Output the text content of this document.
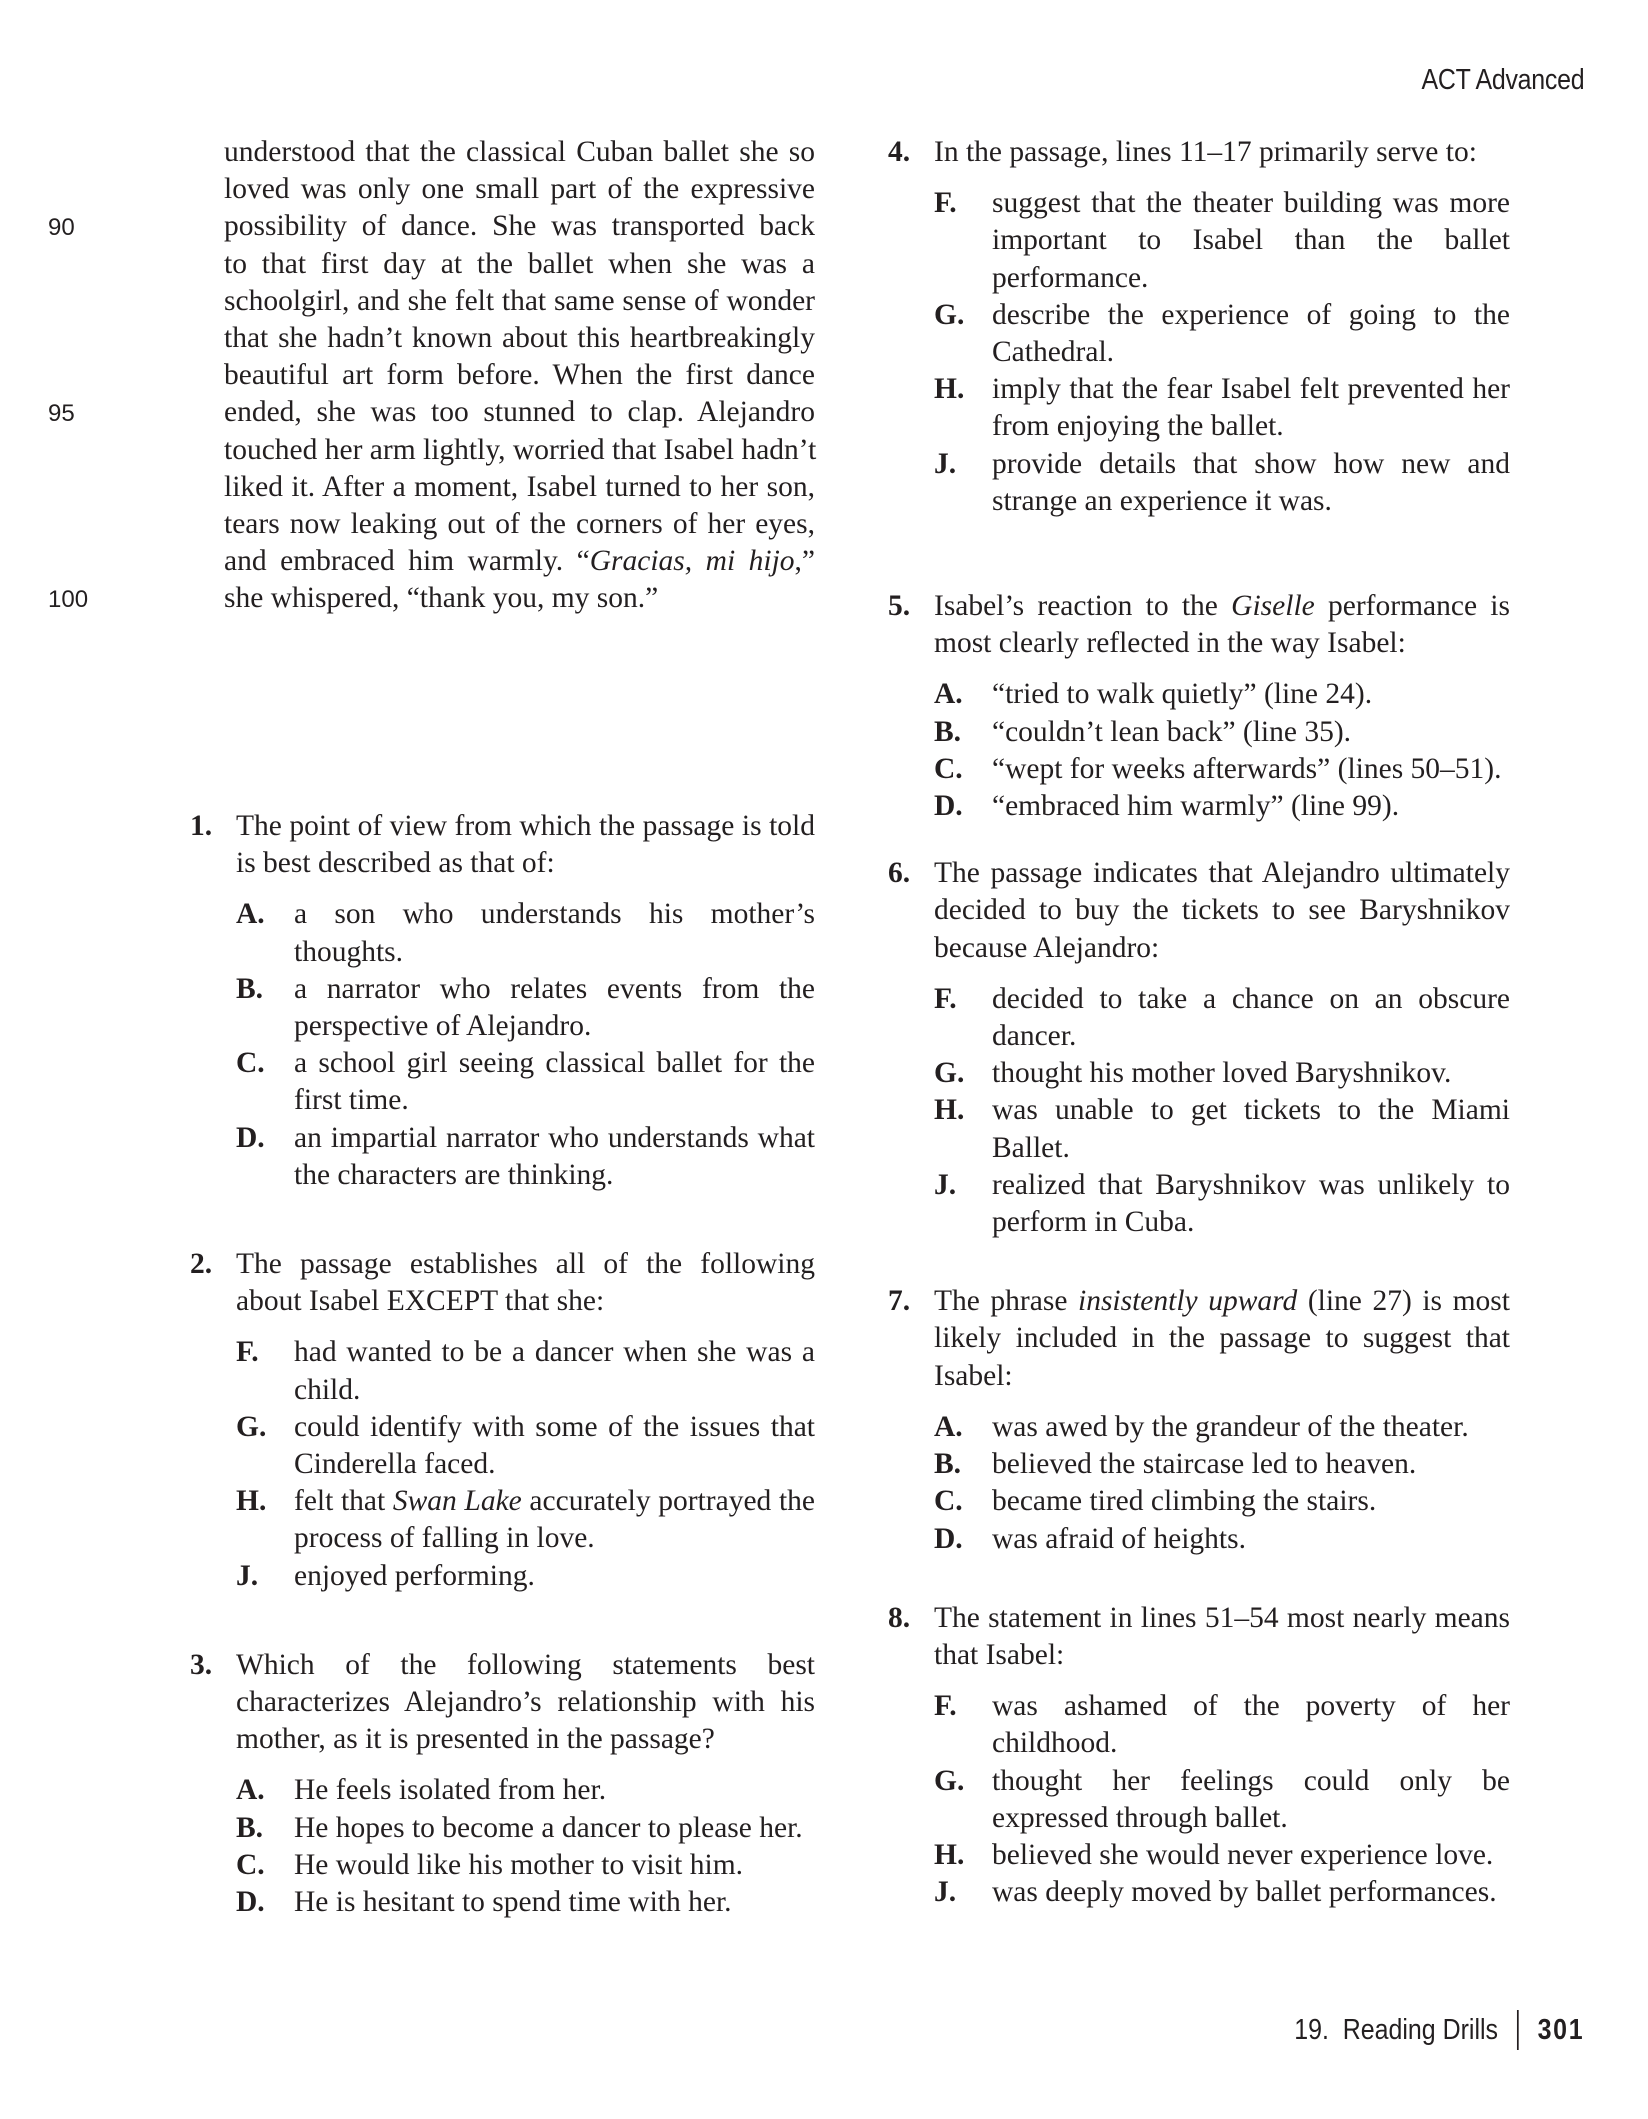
ACT Advanced
understood that the classical Cuban ballet she so
loved was only one small part of the expressive
90	possibility of dance. She was transported back
to that first day at the ballet when she was a
schoolgirl, and she felt that same sense of wonder
that she hadn’t known about this heartbreakingly
beautiful art form before. When the first dance
95	ended, she was too stunned to clap. Alejandro
touched her arm lightly, worried that Isabel hadn’t
liked it. After a moment, Isabel turned to her son,
tears now leaking out of the corners of her eyes,
and embraced him warmly. “Gracias, mi hijo,”
100	she whispered, “thank you, my son.”
1. The point of view from which the passage is told is best described as that of:
A. a son who understands his mother’s thoughts.
B. a narrator who relates events from the perspective of Alejandro.
C. a school girl seeing classical ballet for the first time.
D. an impartial narrator who understands what the characters are thinking.
2. The passage establishes all of the following about Isabel EXCEPT that she:
F. had wanted to be a dancer when she was a child.
G. could identify with some of the issues that Cinderella faced.
H. felt that Swan Lake accurately portrayed the process of falling in love.
J. enjoyed performing.
3. Which of the following statements best characterizes Alejandro’s relationship with his mother, as it is presented in the passage?
A. He feels isolated from her.
B. He hopes to become a dancer to please her.
C. He would like his mother to visit him.
D. He is hesitant to spend time with her.
4. In the passage, lines 11–17 primarily serve to:
F. suggest that the theater building was more important to Isabel than the ballet performance.
G. describe the experience of going to the Cathedral.
H. imply that the fear Isabel felt prevented her from enjoying the ballet.
J. provide details that show how new and strange an experience it was.
5. Isabel’s reaction to the Giselle performance is most clearly reflected in the way Isabel:
A. “tried to walk quietly” (line 24).
B. “couldn’t lean back” (line 35).
C. “wept for weeks afterwards” (lines 50–51).
D. “embraced him warmly” (line 99).
6. The passage indicates that Alejandro ultimately decided to buy the tickets to see Baryshnikov because Alejandro:
F. decided to take a chance on an obscure dancer.
G. thought his mother loved Baryshnikov.
H. was unable to get tickets to the Miami Ballet.
J. realized that Baryshnikov was unlikely to perform in Cuba.
7. The phrase insistently upward (line 27) is most likely included in the passage to suggest that Isabel:
A. was awed by the grandeur of the theater.
B. believed the staircase led to heaven.
C. became tired climbing the stairs.
D. was afraid of heights.
8. The statement in lines 51–54 most nearly means that Isabel:
F. was ashamed of the poverty of her childhood.
G. thought her feelings could only be expressed through ballet.
H. believed she would never experience love.
J. was deeply moved by ballet performances.
19.  Reading Drills 301
